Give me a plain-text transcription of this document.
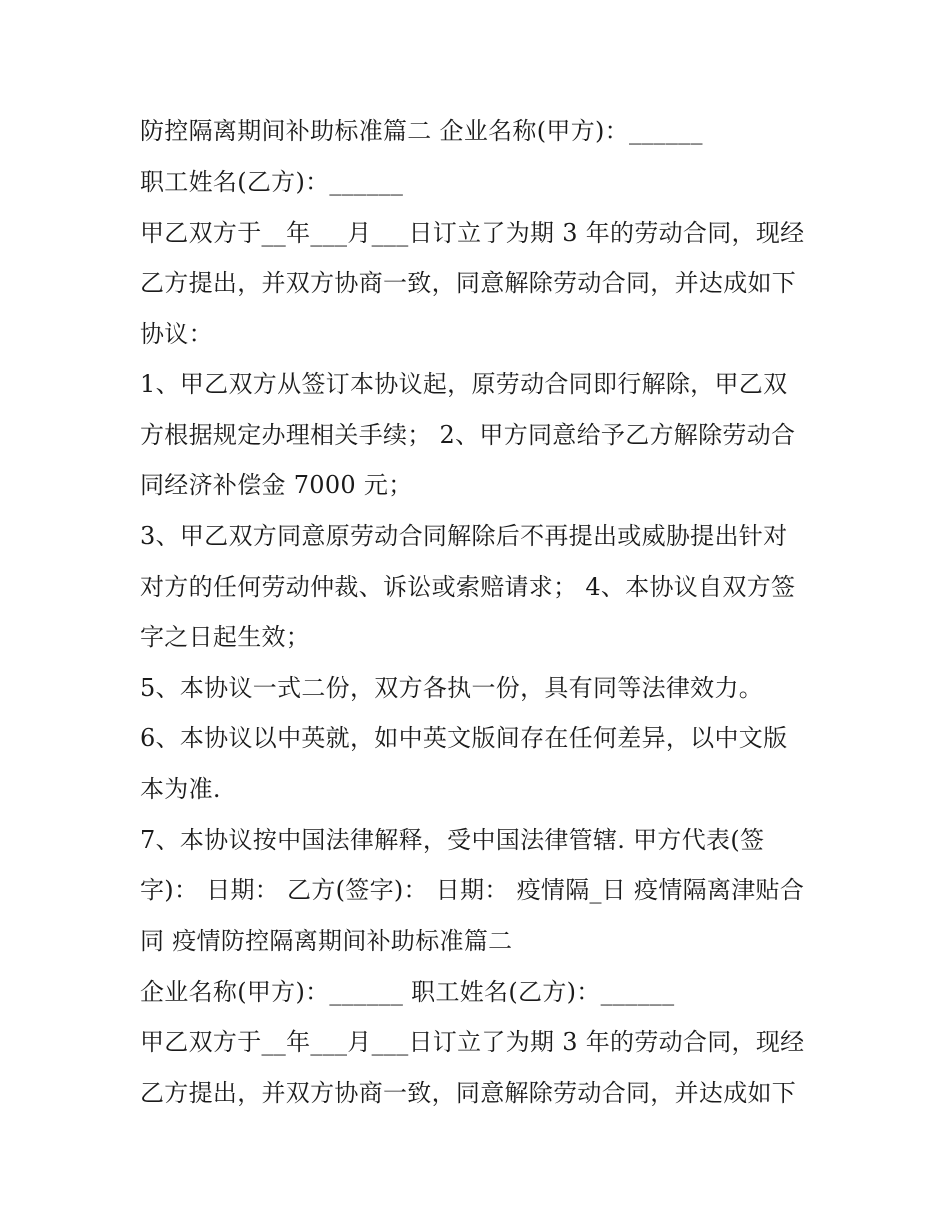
防控隔离期间补助标准篇二 企业名称(甲方)：______

职工姓名(乙方)：______

甲乙双方于__年___月___日订立了为期 3 年的劳动合同，现经

乙方提出，并双方协商一致，同意解除劳动合同，并达成如下

协议：

1、甲乙双方从签订本协议起，原劳动合同即行解除，甲乙双

方根据规定办理相关手续； 2、甲方同意给予乙方解除劳动合

同经济补偿金 7000 元；

3、甲乙双方同意原劳动合同解除后不再提出或威胁提出针对

对方的任何劳动仲裁、诉讼或索赔请求； 4、本协议自双方签

字之日起生效；

5、本协议一式二份，双方各执一份，具有同等法律效力。

6、本协议以中英就，如中英文版间存在任何差异，以中文版

本为准.

7、本协议按中国法律解释，受中国法律管辖. 甲方代表(签

字)： 日期： 乙方(签字)： 日期： 疫情隔_日 疫情隔离津贴合

同 疫情防控隔离期间补助标准篇二

企业名称(甲方)：______ 职工姓名(乙方)：______

甲乙双方于__年___月___日订立了为期 3 年的劳动合同，现经

乙方提出，并双方协商一致，同意解除劳动合同，并达成如下
